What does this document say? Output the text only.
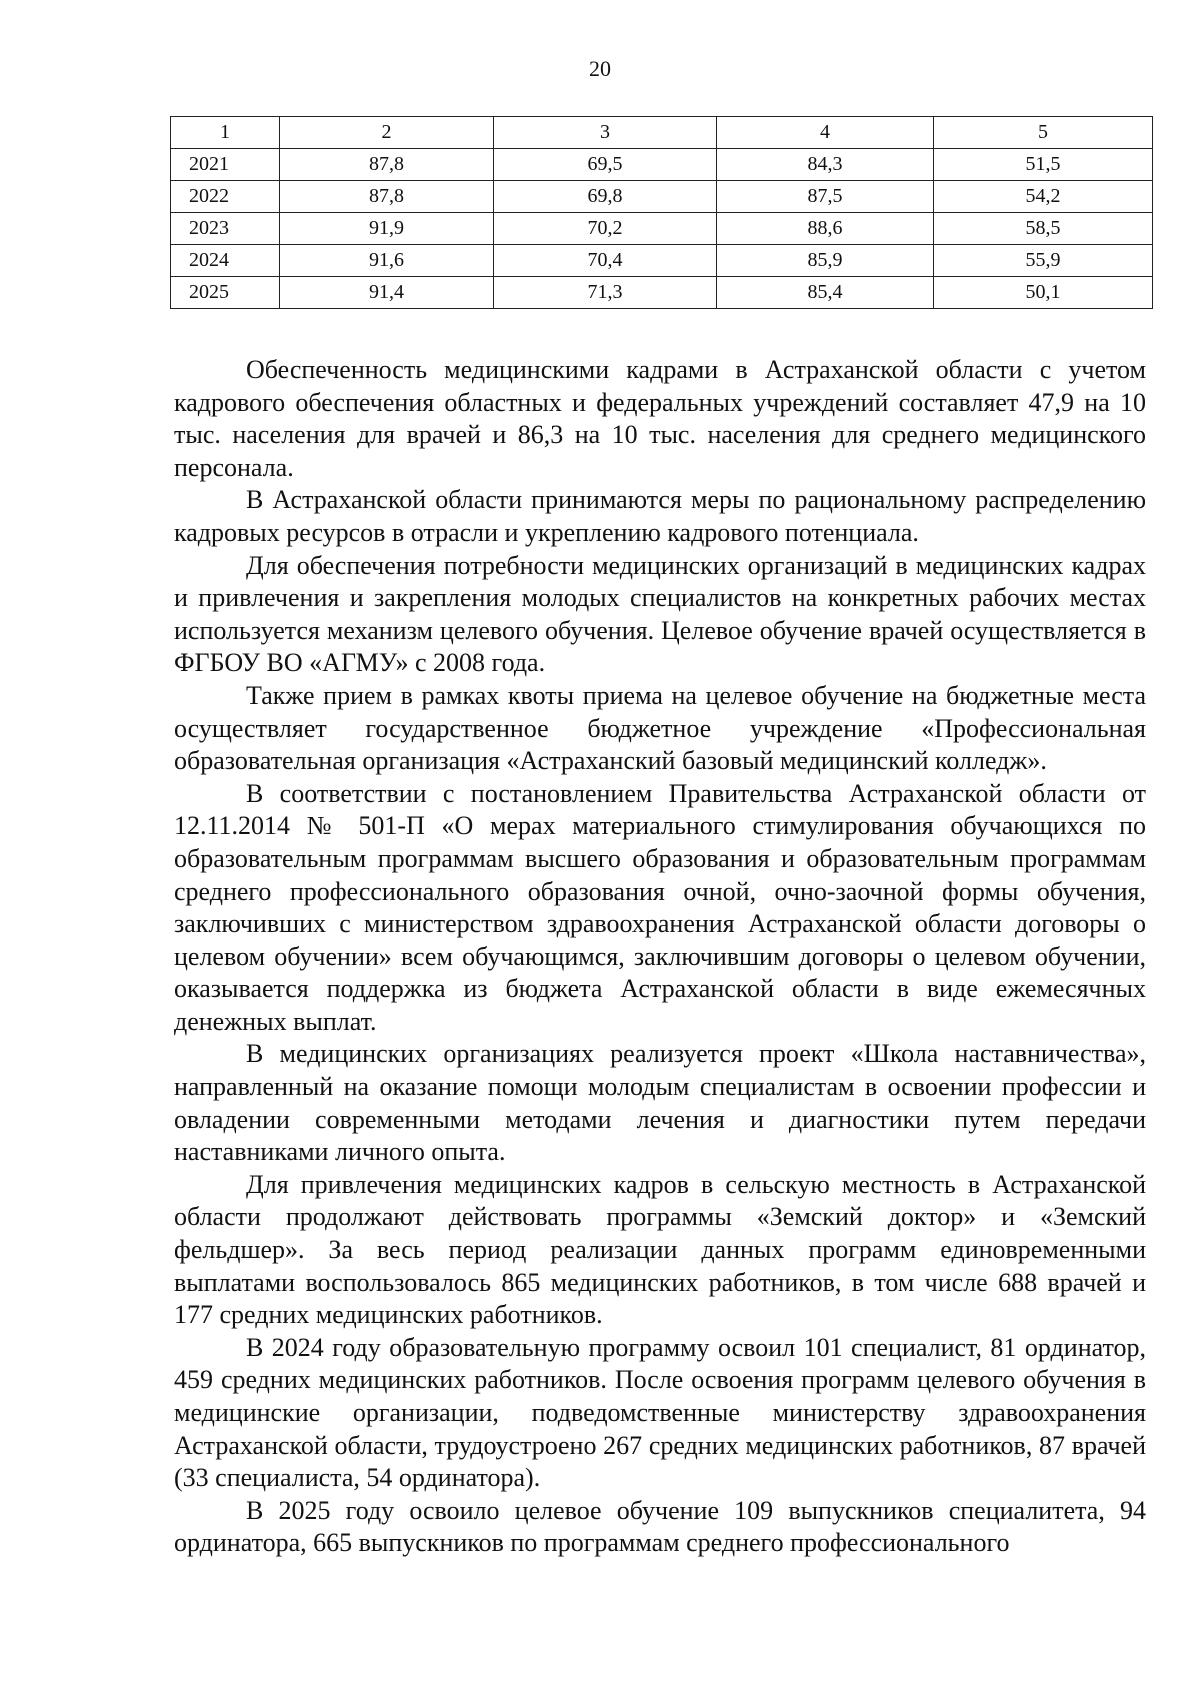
20
1	2	3	4	5
2021	87,8	69,5	84,3	51,5
2022	87,8	69,8	87,5	54,2
2023	91,9	70,2	88,6	58,5
2024	91,6	70,4	85,9	55,9
2025	91,4	71,3	85,4	50,1

Обеспеченность медицинскими кадрами в Астраханской области с учетом кадрового обеспечения областных и федеральных учреждений составляет 47,9 на 10 тыс. населения для врачей и 86,3 на 10 тыс. населения для среднего медицинского персонала.

В Астраханской области принимаются меры по рациональному распределению кадровых ресурсов в отрасли и укреплению кадрового потенциала.

Для обеспечения потребности медицинских организаций в медицинских кадрах и привлечения и закрепления молодых специалистов на конкретных рабочих местах используется механизм целевого обучения. Целевое обучение врачей осуществляется в ФГБОУ ВО «АГМУ» с 2008 года.

Также прием в рамках квоты приема на целевое обучение на бюджетные места осуществляет государственное бюджетное учреждение «Профессиональная образовательная организация «Астраханский базовый медицинский колледж».

В соответствии с постановлением Правительства Астраханской области от 12.11.2014 № 501-П «О мерах материального стимулирования обучающихся по образовательным программам высшего образования и образовательным программам среднего профессионального образования очной, очно-заочной формы обучения, заключивших с министерством здравоохранения Астраханской области договоры о целевом обучении» всем обучающимся, заключившим договоры о целевом обучении, оказывается поддержка из бюджета Астраханской области в виде ежемесячных денежных выплат.

В медицинских организациях реализуется проект «Школа наставничества», направленный на оказание помощи молодым специалистам в освоении профессии и овладении современными методами лечения и диагностики путем передачи наставниками личного опыта.

Для привлечения медицинских кадров в сельскую местность в Астраханской области продолжают действовать программы «Земский доктор» и «Земский фельдшер». За весь период реализации данных программ единовременными выплатами воспользовалось 865 медицинских работников, в том числе 688 врачей и 177 средних медицинских работников.

В 2024 году образовательную программу освоил 101 специалист, 81 ординатор, 459 средних медицинских работников. После освоения программ целевого обучения в медицинские организации, подведомственные министерству здравоохранения Астраханской области, трудоустроено 267 средних медицинских работников, 87 врачей (33 специалиста, 54 ординатора).

В 2025 году освоило целевое обучение 109 выпускников специалитета, 94 ординатора, 665 выпускников по программам среднего профессионального
